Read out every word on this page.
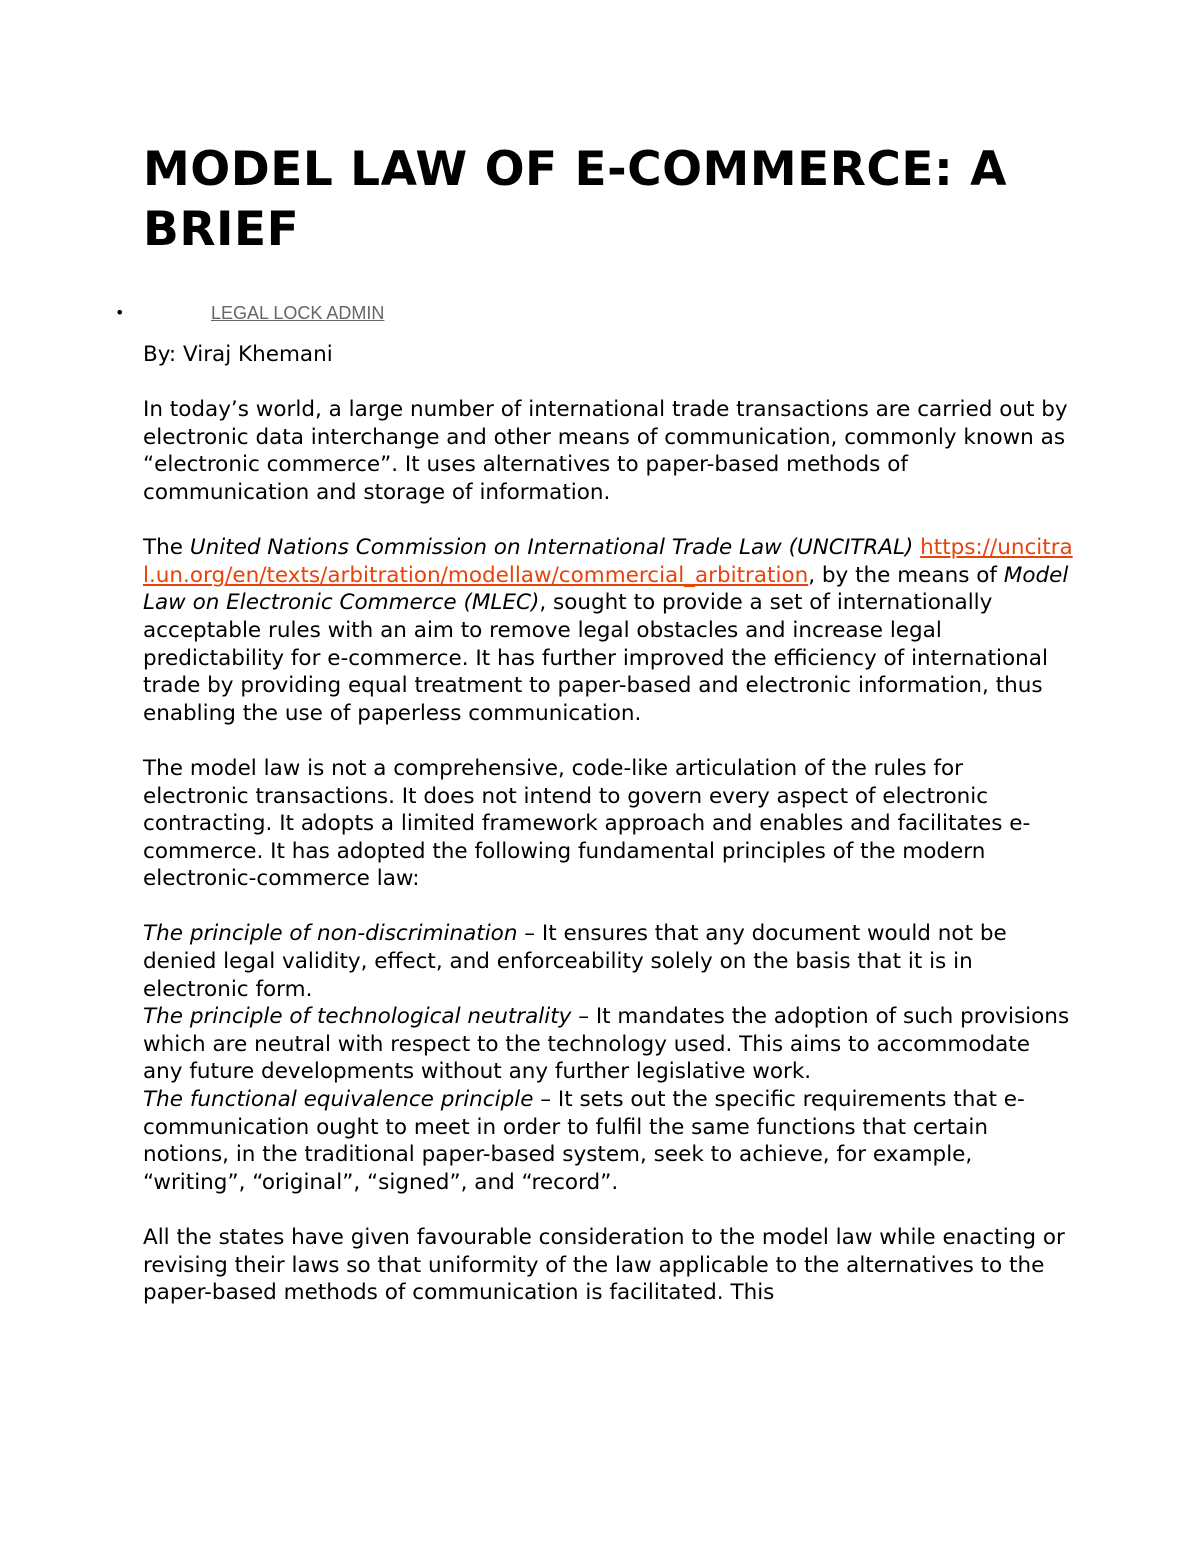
MODEL LAW OF E-COMMERCE: A BRIEF
•	LEGAL LOCK ADMIN

By: Viraj Khemani

In today’s world, a large number of international trade transactions are carried out by electronic data interchange and other means of communication, commonly known as “electronic commerce”. It uses alternatives to paper-based methods of communication and storage of information.

The United Nations Commission on International Trade Law (UNCITRAL) https://uncitral.un.org/en/texts/arbitration/modellaw/commercial_arbitration, by the means of Model Law on Electronic Commerce (MLEC), sought to provide a set of internationally acceptable rules with an aim to remove legal obstacles and increase legal predictability for e-commerce. It has further improved the efficiency of international trade by providing equal treatment to paper-based and electronic information, thus enabling the use of paperless communication.

The model law is not a comprehensive, code-like articulation of the rules for electronic transactions. It does not intend to govern every aspect of electronic contracting. It adopts a limited framework approach and enables and facilitates e-commerce. It has adopted the following fundamental principles of the modern electronic-commerce law:

The principle of non-discrimination – It ensures that any document would not be denied legal validity, effect, and enforceability solely on the basis that it is in electronic form.

The principle of technological neutrality – It mandates the adoption of such provisions which are neutral with respect to the technology used. This aims to accommodate any future developments without any further legislative work.

The functional equivalence principle – It sets out the specific requirements that e-communication ought to meet in order to fulfil the same functions that certain notions, in the traditional paper-based system, seek to achieve, for example, “writing”, “original”, “signed”, and “record”.

All the states have given favourable consideration to the model law while enacting or revising their laws so that uniformity of the law applicable to the alternatives to the paper-based methods of communication is facilitated. This
